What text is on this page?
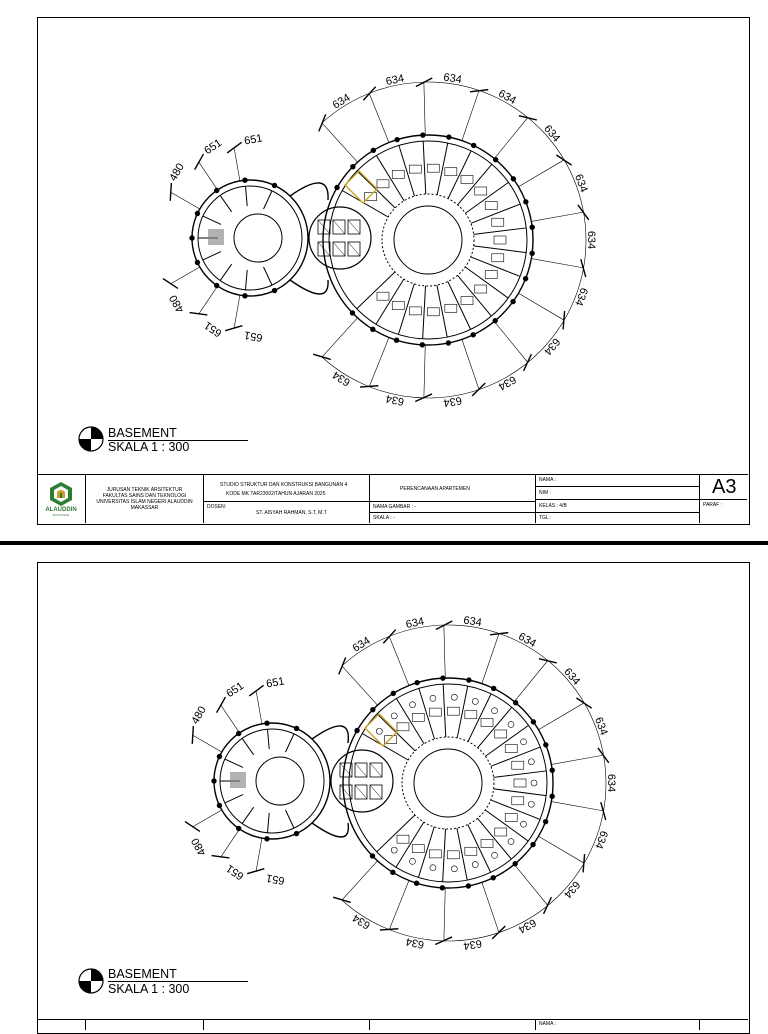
634
634	634
634
634
634
634
634
634
634
634
634
634
480
651 651
480
651 651
BASEMENT
SKALA 1 : 300
ALAUDDIN
MAKASSAR
JURUSAN TEKNIK ARSITEKTUR
FAKULTAS SAINS DAN TEKNOLOGI
UNIVERSITAS ISLAM NEGERI ALAUDDIN
MAKASSAR
STUDIO STRUKTUR DAN KONSTRUKSI BANGUNAN 4
KODE MK TAR23002/TAHUN AJARAN 2025
DOSEN:
ST. AISYAH RAHMAN, S.T, M.T
PERENCANAAN APARTEMEN
NAMA GAMBAR : -
SKALA : -
NAMA :
NIM :
KELAS : 4/B
TGL :
A3
PARAF :
634
634	634
634
634
634
634
634
634
634
634
634
634
480
651 651
480
651 651
BASEMENT
SKALA 1 : 300
NAMA :
